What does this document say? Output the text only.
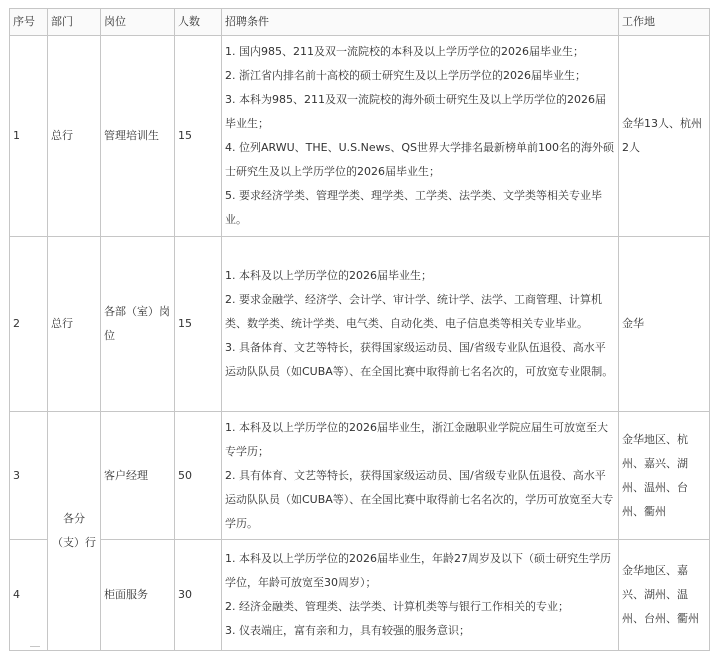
序号	部门	岗位	人数	招聘条件	工作地
1	总行	管理培训生	15	1. 国内985、211及双一流院校的本科及以上学历学位的2026届毕业生；
2. 浙江省内排名前十高校的硕士研究生及以上学历学位的2026届毕业生；
3. 本科为985、211及双一流院校的海外硕士研究生及以上学历学位的2026届毕业生；
4. 位列ARWU、THE、U.S.News、QS世界大学排名最新榜单前100名的海外硕士研究生及以上学历学位的2026届毕业生；
5. 要求经济学类、管理学类、理学类、工学类、法学类、文学类等相关专业毕业。	金华13人、杭州2人
2	总行	各部（室）岗位	15	1. 本科及以上学历学位的2026届毕业生；
2. 要求金融学、经济学、会计学、审计学、统计学、法学、工商管理、计算机类、数学类、统计学类、电气类、自动化类、电子信息类等相关专业毕业。
3. 具备体育、文艺等特长，获得国家级运动员、国/省级专业队伍退役、高水平运动队队员（如CUBA等）、在全国比赛中取得前七名名次的，可放宽专业限制。	金华
3	各分（支）行	客户经理	50	1. 本科及以上学历学位的2026届毕业生，浙江金融职业学院应届生可放宽至大专学历；
2. 具有体育、文艺等特长，获得国家级运动员、国/省级专业队伍退役、高水平运动队队员（如CUBA等）、在全国比赛中取得前七名名次的，学历可放宽至大专学历。	金华地区、杭州、嘉兴、湖州、温州、台州、衢州
4		柜面服务	30	1. 本科及以上学历学位的2026届毕业生，年龄27周岁及以下（硕士研究生学历学位，年龄可放宽至30周岁）；
2. 经济金融类、管理类、法学类、计算机类等与银行工作相关的专业；
3. 仪表端庄，富有亲和力，具有较强的服务意识；	金华地区、嘉兴、湖州、温州、台州、衢州
